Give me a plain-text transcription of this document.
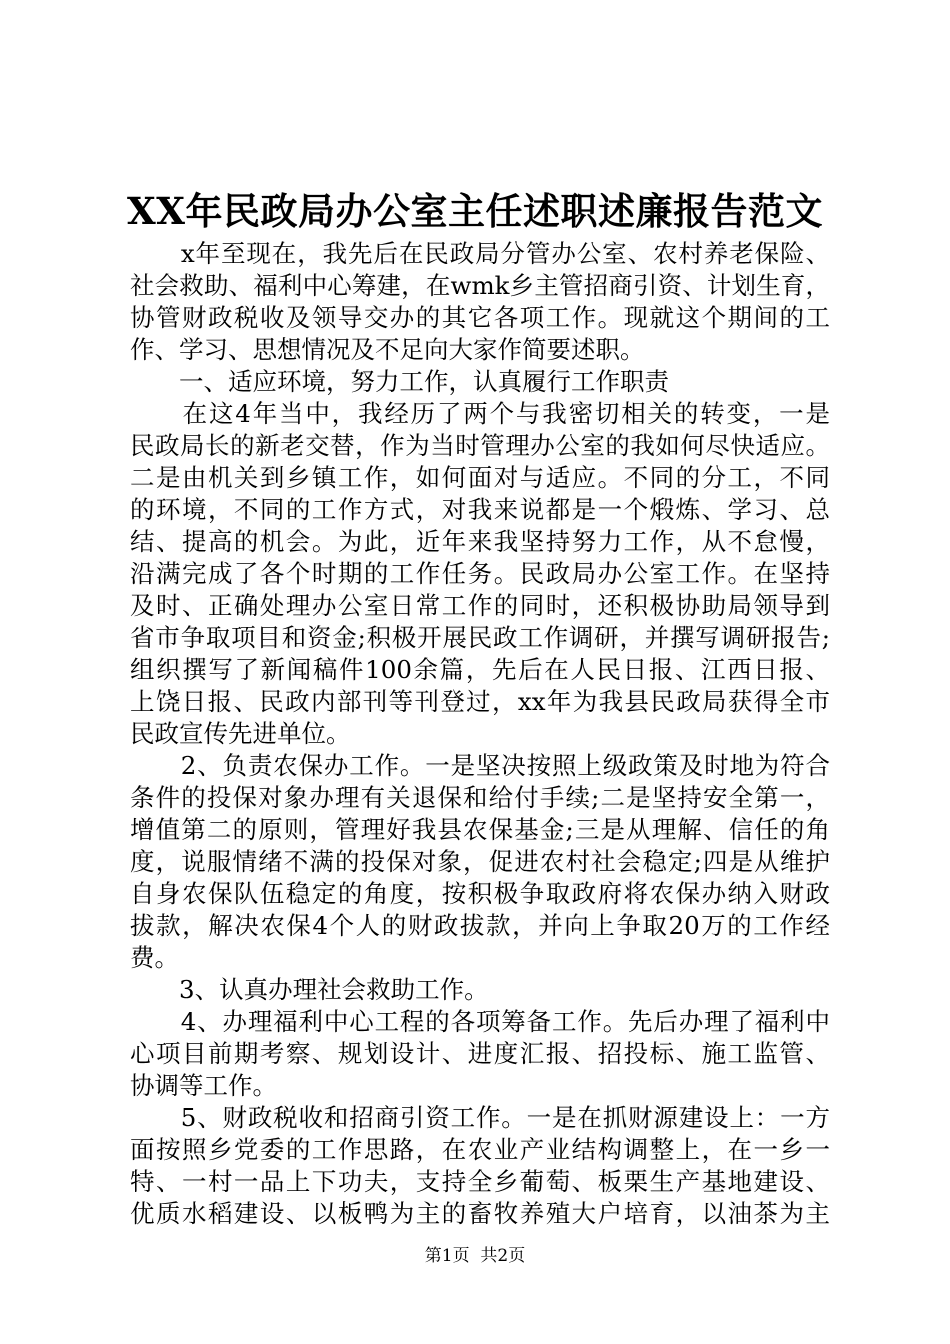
XX年民政局办公室主任述职述廉报告范文
　　x年至现在，我先后在民政局分管办公室、农村养老保险、
社会救助、福利中心筹建，在wmk乡主管招商引资、计划生育，
协管财政税收及领导交办的其它各项工作。现就这个期间的工
作、学习、思想情况及不足向大家作简要述职。
　　一、适应环境，努力工作，认真履行工作职责
　　在这4年当中，我经历了两个与我密切相关的转变，一是
民政局长的新老交替，作为当时管理办公室的我如何尽快适应。
二是由机关到乡镇工作，如何面对与适应。不同的分工，不同
的环境，不同的工作方式，对我来说都是一个煅炼、学习、总
结、提高的机会。为此，近年来我坚持努力工作，从不怠慢，
沿满完成了各个时期的工作任务。民政局办公室工作。在坚持
及时、正确处理办公室日常工作的同时，还积极协助局领导到
省市争取项目和资金;积极开展民政工作调研，并撰写调研报告;
组织撰写了新闻稿件100余篇，先后在人民日报、江西日报、
上饶日报、民政内部刊等刊登过，xx年为我县民政局获得全市
民政宣传先进单位。
　　2、负责农保办工作。一是坚决按照上级政策及时地为符合
条件的投保对象办理有关退保和给付手续;二是坚持安全第一，
增值第二的原则，管理好我县农保基金;三是从理解、信任的角
度，说服情绪不满的投保对象，促进农村社会稳定;四是从维护
自身农保队伍稳定的角度，按积极争取政府将农保办纳入财政
拔款，解决农保4个人的财政拔款，并向上争取20万的工作经
费。
　　3、认真办理社会救助工作。
　　4、办理福利中心工程的各项筹备工作。先后办理了福利中
心项目前期考察、规划设计、进度汇报、招投标、施工监管、
协调等工作。
　　5、财政税收和招商引资工作。一是在抓财源建设上：一方
面按照乡党委的工作思路，在农业产业结构调整上，在一乡一
特、一村一品上下功夫，支持全乡葡萄、板栗生产基地建设、
优质水稻建设、以板鸭为主的畜牧养殖大户培育，以油茶为主
第1页  共2页
